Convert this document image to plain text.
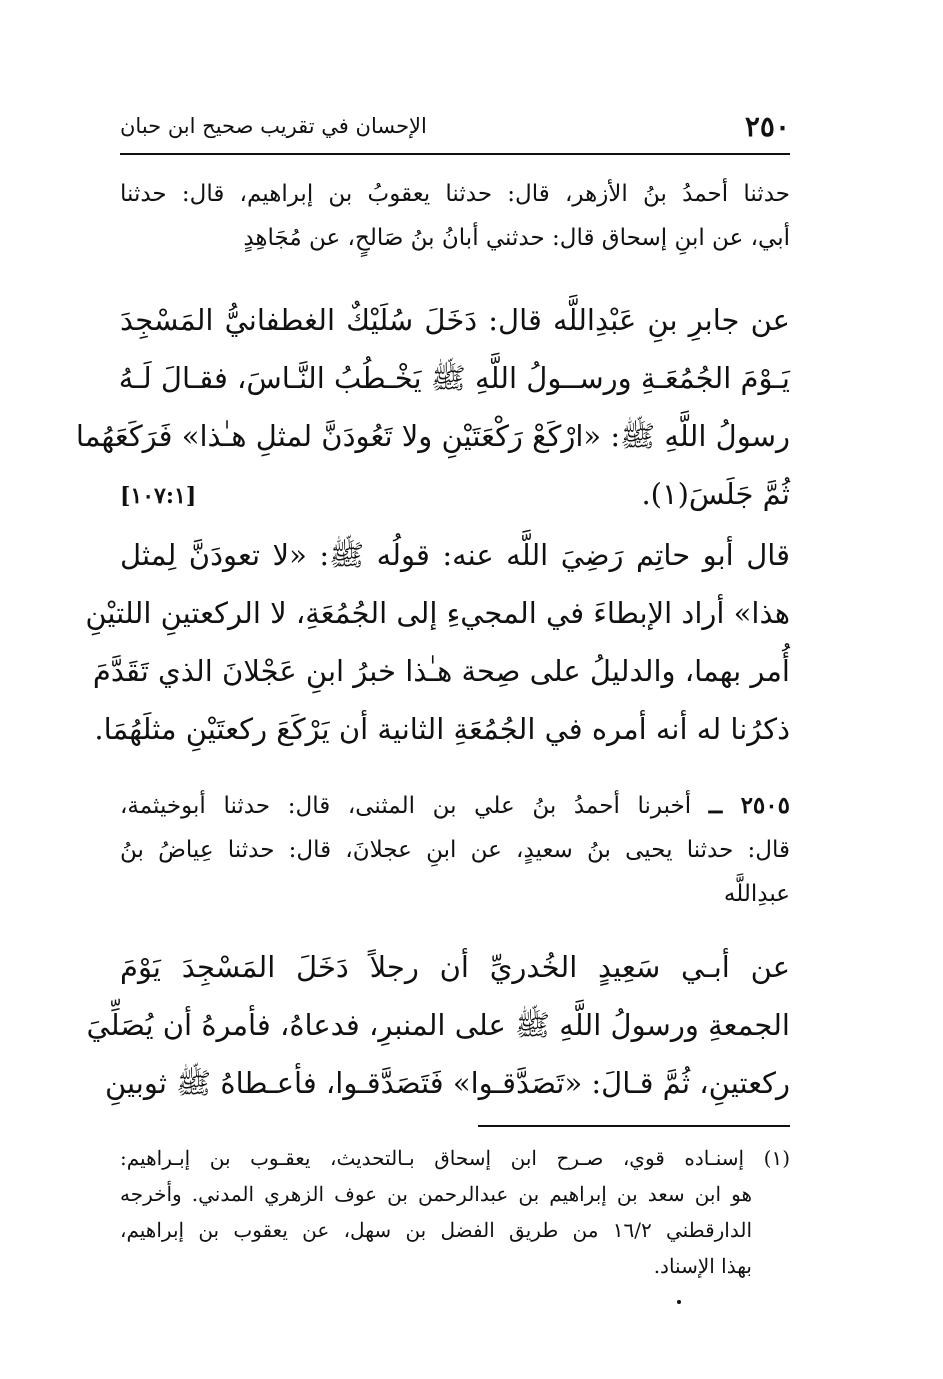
٢٥٠
الإحسان في تقريب صحيح ابن حبان
حدثنا أحمدُ بنُ الأزهر، قال: حدثنا يعقوبُ بن إبراهيم، قال: حدثنا
أبي، عن ابنِ إسحاق قال: حدثني أبانُ بنُ صَالحٍ، عن مُجَاهِدٍ
عن جابرِ بنِ عَبْدِاللَّه قال: دَخَلَ سُلَيْكٌ الغطفانيُّ المَسْجِدَ
يَـوْمَ الجُمُعَـةِ ورســولُ اللَّهِ ﷺ يَخْـطُبُ النَّـاسَ، فقـالَ لَـهُ
رسولُ اللَّهِ ﷺ: «ارْكَعْ رَكْعَتَيْنِ ولا تَعُودَنَّ لمثلِ هـٰذا» فَرَكَعَهُما
ثُمَّ جَلَسَ(١).
[١٠٧:١]
قال أبو حاتِم رَضِيَ اللَّه عنه: قولُه ﷺ: «لا تعودَنَّ لِمثل
هذا» أراد الإبطاءَ في المجيءِ إلى الجُمُعَةِ، لا الركعتينِ اللتيْنِ
أُمر بهما، والدليلُ على صِحة هـٰذا خبرُ ابنِ عَجْلانَ الذي تَقَدَّمَ
ذكرُنا له أنه أمره في الجُمُعَةِ الثانية أن يَرْكَعَ ركعتَيْنِ مثلَهُمَا.
٢٥٠٥ ــ أخبرنا أحمدُ بنُ علي بن المثنى، قال: حدثنا أبوخيثمة،
قال: حدثنا يحيى بنُ سعيدٍ، عن ابنِ عجلانَ، قال: حدثنا عِياضُ بنُ
عبدِاللَّه
عن أبـي سَعِيدٍ الخُدريِّ أن رجلاً دَخَلَ المَسْجِدَ يَوْمَ
الجمعةِ ورسولُ اللَّهِ ﷺ على المنبرِ، فدعاهُ، فأمرهُ أن يُصَلِّيَ
ركعتينِ، ثُمَّ قـالَ: «تَصَدَّقـوا» فَتَصَدَّقـوا، فأعـطاهُ ﷺ ثوبينِ
(١) إسنـاده قوي، صـرح ابن إسحاق بـالتحديث، يعقـوب بن إبـراهيم:
هو ابن سعد بن إبراهيم بن عبدالرحمن بن عوف الزهري المدني. وأخرجه
الدارقطني ١٦/٢ من طريق الفضل بن سهل، عن يعقوب بن إبراهيم،
بهذا الإسناد.
